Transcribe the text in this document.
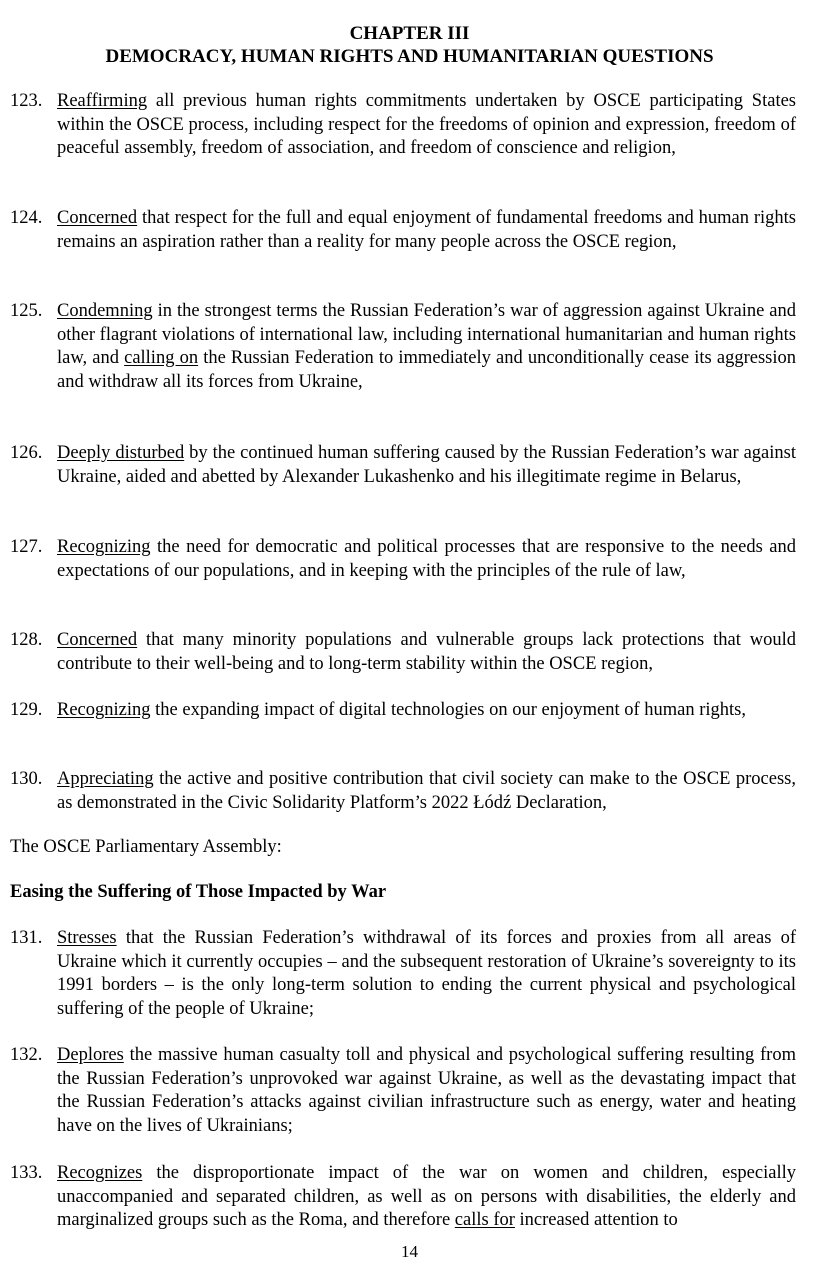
CHAPTER III
DEMOCRACY, HUMAN RIGHTS AND HUMANITARIAN QUESTIONS
123. Reaffirming all previous human rights commitments undertaken by OSCE participating States within the OSCE process, including respect for the freedoms of opinion and expression, freedom of peaceful assembly, freedom of association, and freedom of conscience and religion,
124. Concerned that respect for the full and equal enjoyment of fundamental freedoms and human rights remains an aspiration rather than a reality for many people across the OSCE region,
125. Condemning in the strongest terms the Russian Federation’s war of aggression against Ukraine and other flagrant violations of international law, including international humanitarian and human rights law, and calling on the Russian Federation to immediately and unconditionally cease its aggression and withdraw all its forces from Ukraine,
126. Deeply disturbed by the continued human suffering caused by the Russian Federation’s war against Ukraine, aided and abetted by Alexander Lukashenko and his illegitimate regime in Belarus,
127. Recognizing the need for democratic and political processes that are responsive to the needs and expectations of our populations, and in keeping with the principles of the rule of law,
128. Concerned that many minority populations and vulnerable groups lack protections that would contribute to their well-being and to long-term stability within the OSCE region,
129. Recognizing the expanding impact of digital technologies on our enjoyment of human rights,
130. Appreciating the active and positive contribution that civil society can make to the OSCE process, as demonstrated in the Civic Solidarity Platform’s 2022 Łódź Declaration,

The OSCE Parliamentary Assembly:

Easing the Suffering of Those Impacted by War

131. Stresses that the Russian Federation’s withdrawal of its forces and proxies from all areas of Ukraine which it currently occupies – and the subsequent restoration of Ukraine’s sovereignty to its 1991 borders – is the only long-term solution to ending the current physical and psychological suffering of the people of Ukraine;
132. Deplores the massive human casualty toll and physical and psychological suffering resulting from the Russian Federation’s unprovoked war against Ukraine, as well as the devastating impact that the Russian Federation’s attacks against civilian infrastructure such as energy, water and heating have on the lives of Ukrainians;
133. Recognizes the disproportionate impact of the war on women and children, especially unaccompanied and separated children, as well as on persons with disabilities, the elderly and marginalized groups such as the Roma, and therefore calls for increased attention to
14
